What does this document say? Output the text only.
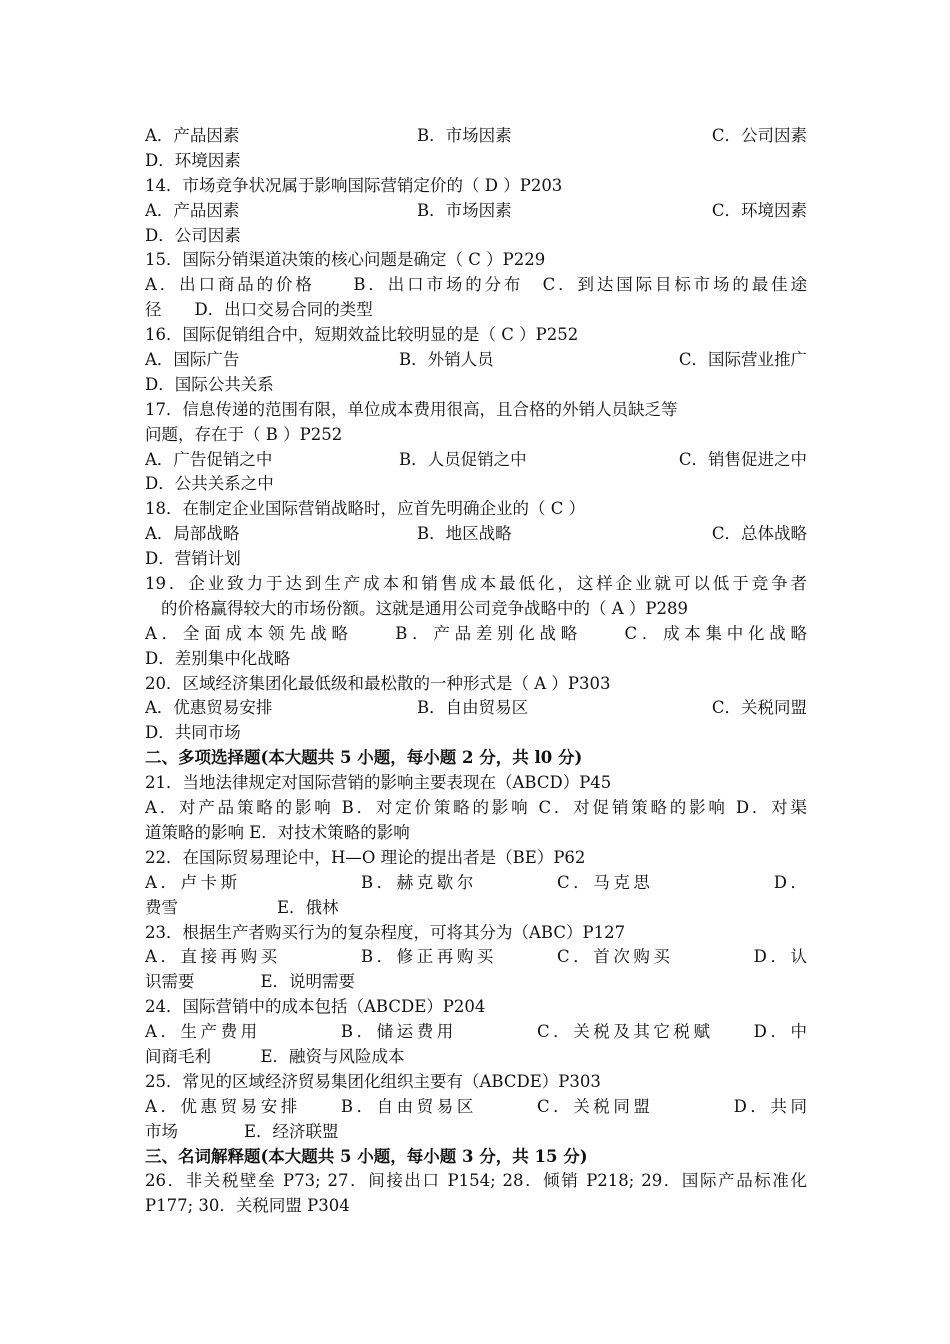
A．产品因素	B．市场因素	C．公司因素
D．环境因素
14．市场竞争状况属于影响国际营销定价的（ D ）P203
A．产品因素	B．市场因素	C．环境因素
D．公司因素
15．国际分销渠道决策的核心问题是确定（ C ）P229
A．出口商品的价格　　B．出口市场的分布　C．到达国际目标市场的最佳途
径　　D．出口交易合同的类型
16．国际促销组合中，短期效益比较明显的是（ C ）P252
A．国际广告	B．外销人员	C．国际营业推广
D．国际公共关系
17．信息传递的范围有限，单位成本费用很高，且合格的外销人员缺乏等
问题，存在于（ B ）P252
A．广告促销之中	B．人员促销之中	C．销售促进之中
D．公共关系之中
18．在制定企业国际营销战略时，应首先明确企业的（ C ）
A．局部战略	B．地区战略	C．总体战略
D．营销计划
19．企业致力于达到生产成本和销售成本最低化，这样企业就可以低于竞争者
的价格赢得较大的市场份额。这就是通用公司竞争战略中的（ A ）P289
A．全面成本领先战略　　B．产品差别化战略　　C．成本集中化战略
D．差别集中化战略
20．区域经济集团化最低级和最松散的一种形式是（ A ）P303
A．优惠贸易安排	B．自由贸易区	C．关税同盟
D．共同市场
二、多项选择题(本大题共 5 小题，每小题 2 分，共 l0 分)
21．当地法律规定对国际营销的影响主要表现在（ABCD）P45
A．对产品策略的影响 B．对定价策略的影响 C．对促销策略的影响 D．对渠
道策略的影响 E．对技术策略的影响
22．在国际贸易理论中，H—O 理论的提出者是（BE）P62
A．卢卡斯　　　　　　B．赫克歇尔　　　　C．马克思　　　　　　D．
费雪　　　　　　E．俄林
23．根据生产者购买行为的复杂程度，可将其分为（ABC）P127
A．直接再购买　　　　B．修正再购买　　　C．首次购买　　　　D．认
识需要　　　　E．说明需要
24．国际营销中的成本包括（ABCDE）P204
A．生产费用　　　　B．储运费用　　　　C．关税及其它税赋　　D．中
间商毛利　　　E．融资与风险成本
25．常见的区域经济贸易集团化组织主要有（ABCDE）P303
A．优惠贸易安排　　B．自由贸易区　　　C．关税同盟　　　　D．共同
市场　　　　E．经济联盟
三、名词解释题(本大题共 5 小题，每小题 3 分，共 15 分)
26．非关税壁垒 P73; 27．间接出口 P154; 28．倾销 P218; 29．国际产品标准化
P177; 30．关税同盟 P304
